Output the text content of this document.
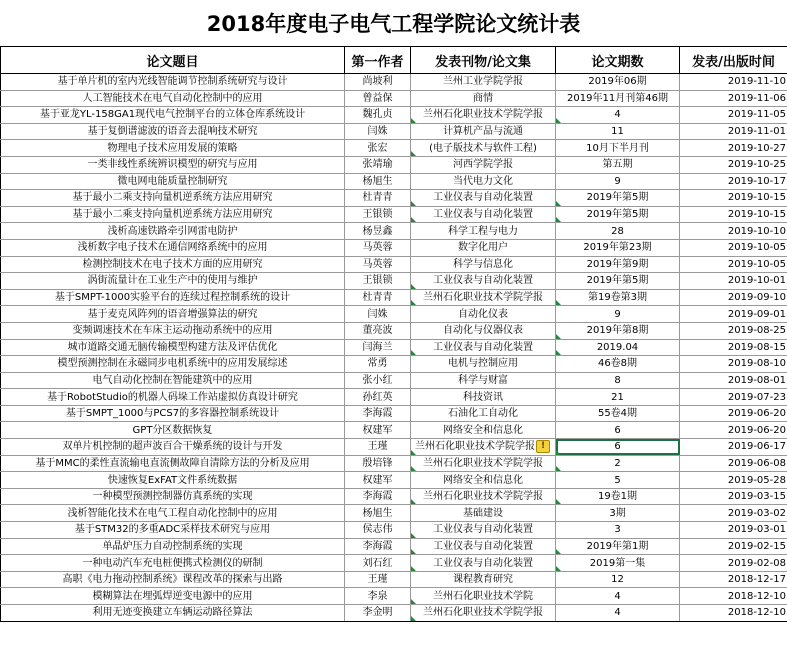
2018年度电子电气工程学院论文统计表
论文题目	第一作者	发表刊物/论文集	论文期数	发表/出版时间
基于单片机的室内光线智能调节控制系统研究与设计	尚坡利	兰州工业学院学报	2019年06期	2019-11-10
人工智能技术在电气自动化控制中的应用	曾益保	商情	2019年11月刊第46期	2019-11-06
基于亚龙YL-158GA1现代电气控制平台的立体仓库系统设计	魏孔贞	兰州石化职业技术学院学报	4	2019-11-05
基于复倒谱滤波的语音去混响技术研究	闫姝	计算机产品与流通	11	2019-11-01
物理电子技术应用发展的策略	张宏	(电子版技术与软件工程)	10月下半月刊	2019-10-27
一类非线性系统辨识模型的研究与应用	张靖瑜	河西学院学报	第五期	2019-10-25
微电网电能质量控制研究	杨旭生	当代电力文化	9	2019-10-17
基于最小二乘支持向量机逆系统方法应用研究	杜青青	工业仪表与自动化装置	2019年第5期	2019-10-15
基于最小二乘支持向量机逆系统方法应用研究	王银锁	工业仪表与自动化装置	2019年第5期	2019-10-15
浅析高速铁路牵引网雷电防护	杨昱鑫	科学工程与电力	28	2019-10-10
浅析数字电子技术在通信网络系统中的应用	马英蓉	数字化用户	2019年第23期	2019-10-05
检测控制技术在电子技术方面的应用研究	马英蓉	科学与信息化	2019年第9期	2019-10-05
涡街流量计在工业生产中的使用与维护	王银锁	工业仪表与自动化装置	2019年第5期	2019-10-01
基于SMPT-1000实验平台的连续过程控制系统的设计	杜青青	兰州石化职业技术学院学报	第19卷第3期	2019-09-10
基于麦克风阵列的语音增强算法的研究	闫姝	自动化仪表	9	2019-09-01
变频调速技术在车床主运动拖动系统中的应用	董亮波	自动化与仪器仪表	2019年第8期	2019-08-25
城市道路交通无脑传输模型构建方法及评估优化	闫海兰	工业仪表与自动化装置	2019.04	2019-08-15
模型预测控制在永磁同步电机系统中的应用发展综述	常勇	电机与控制应用	46卷8期	2019-08-10
电气自动化控制在智能建筑中的应用	张小红	科学与财富	8	2019-08-01
基于RobotStudio的机器人码垛工作站虚拟仿真设计研究	孙红英	科技资讯	21	2019-07-23
基于SMPT_1000与PCS7的多容器控制系统设计	李海霞	石油化工自动化	55卷4期	2019-06-20
GPT分区数据恢复	权建军	网络安全和信息化	6	2019-06-20
双单片机控制的超声波百合干燥系统的设计与开发	王瑾	兰州石化职业技术学院学报 !	6	2019-06-17
基于MMC的柔性直流输电直流侧故障自清除方法的分析及应用	殷培锋	兰州石化职业技术学院学报	2	2019-06-08
快速恢复ExFAT文件系统数据	权建军	网络安全和信息化	5	2019-05-28
一种模型预测控制器仿真系统的实现	李海霞	兰州石化职业技术学院学报	19卷1期	2019-03-15
浅析智能化技术在电气工程自动化控制中的应用	杨旭生	基础建设	3期	2019-03-02
基于STM32的多重ADC采样技术研究与应用	侯志伟	工业仪表与自动化装置	3	2019-03-01
单晶炉压力自动控制系统的实现	李海霞	工业仪表与自动化装置	2019年第1期	2019-02-15
一种电动汽车充电桩便携式检测仪的研制	刘石红	工业仪表与自动化装置	2019第一集	2019-02-08
高职《电力拖动控制系统》课程改革的探索与出路	王瑾	课程教育研究	12	2018-12-17
模糊算法在埋弧焊逆变电源中的应用	李泉	兰州石化职业技术学院	4	2018-12-10
利用无迹变换建立车辆运动路径算法	李金明	兰州石化职业技术学院学报	4	2018-12-10
